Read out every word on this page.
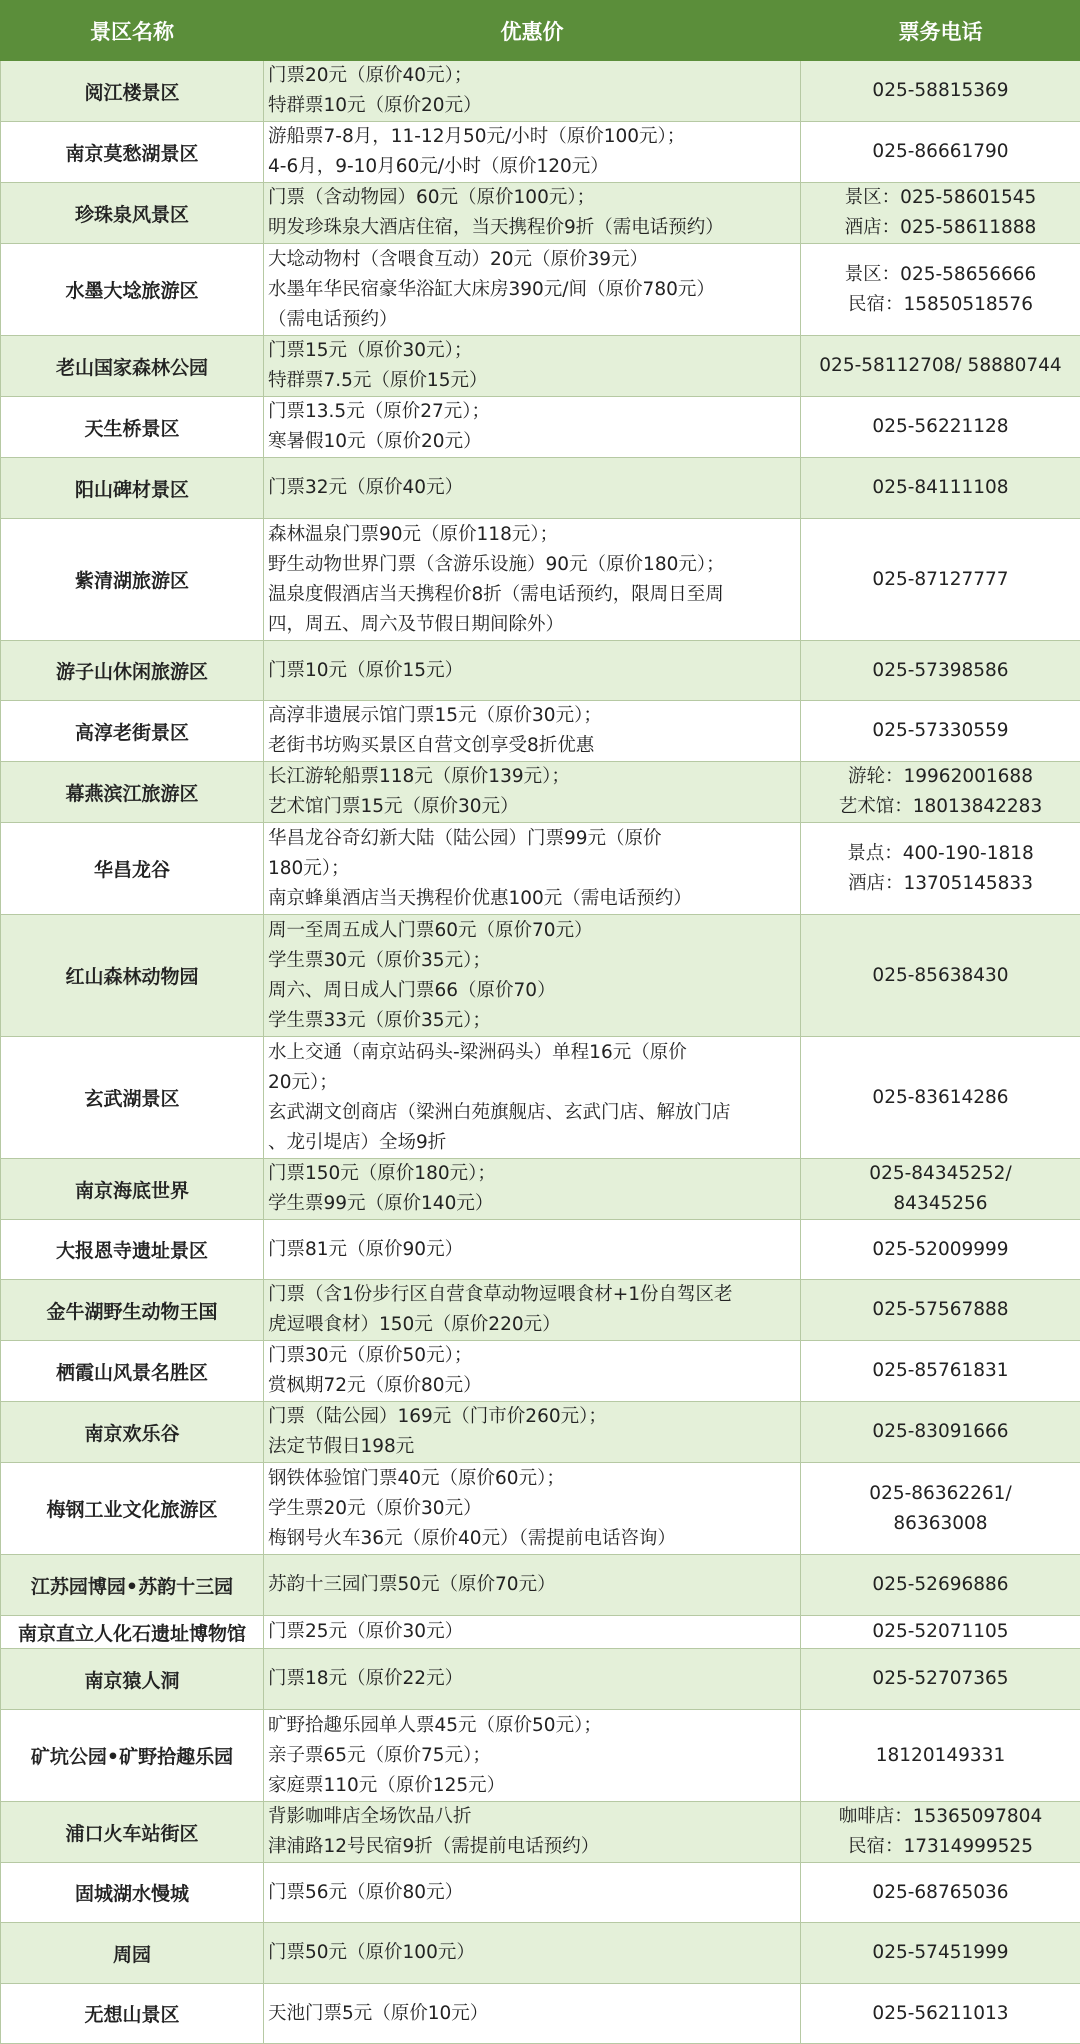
景区名称	优惠价	票务电话
阅江楼景区	门票20元（原价40元）；
特群票10元（原价20元）	025-58815369

南京莫愁湖景区	游船票7-8月，11-12月50元/小时（原价100元）；
4-6月，9-10月60元/小时（原价120元）	025-86661790

珍珠泉风景区	门票（含动物园）60元（原价100元）；
明发珍珠泉大酒店住宿，当天携程价9折（需电话预约）	景区：025-58601545
酒店：025-58611888

水墨大埝旅游区	大埝动物村（含喂食互动）20元（原价39元）
水墨年华民宿豪华浴缸大床房390元/间（原价780元）
（需电话预约）	景区：025-58656666
民宿：15850518576

老山国家森林公园	门票15元（原价30元）；
特群票7.5元（原价15元）	025-58112708/ 58880744

天生桥景区	门票13.5元（原价27元）；
寒暑假10元（原价20元）	025-56221128

阳山碑材景区	门票32元（原价40元）	025-84111108

紫清湖旅游区	森林温泉门票90元（原价118元）；
野生动物世界门票（含游乐设施）90元（原价180元）；
温泉度假酒店当天携程价8折（需电话预约，限周日至周
四，周五、周六及节假日期间除外）	025-87127777

游子山休闲旅游区	门票10元（原价15元）	025-57398586

高淳老街景区	高淳非遗展示馆门票15元（原价30元）；
老街书坊购买景区自营文创享受8折优惠	025-57330559

幕燕滨江旅游区	长江游轮船票118元（原价139元）；
艺术馆门票15元（原价30元）	游轮：19962001688
艺术馆：18013842283

华昌龙谷	华昌龙谷奇幻新大陆（陆公园）门票99元（原价
180元）；
南京蜂巢酒店当天携程价优惠100元（需电话预约）	景点：400-190-1818
酒店：13705145833

红山森林动物园	周一至周五成人门票60元（原价70元）
学生票30元（原价35元）；
周六、周日成人门票66（原价70）
学生票33元（原价35元）；	025-85638430

玄武湖景区	水上交通（南京站码头-梁洲码头）单程16元（原价
20元）；
玄武湖文创商店（梁洲白苑旗舰店、玄武门店、解放门店
、龙引堤店）全场9折	025-83614286

南京海底世界	门票150元（原价180元）；
学生票99元（原价140元）	025-84345252/
84345256

大报恩寺遗址景区	门票81元（原价90元）	025-52009999

金牛湖野生动物王国	门票（含1份步行区自营食草动物逗喂食材+1份自驾区老
虎逗喂食材）150元（原价220元）	025-57567888

栖霞山风景名胜区	门票30元（原价50元）；
赏枫期72元（原价80元）	025-85761831

南京欢乐谷	门票（陆公园）169元（门市价260元）；
法定节假日198元	025-83091666

梅钢工业文化旅游区	钢铁体验馆门票40元（原价60元）；
学生票20元（原价30元）
梅钢号火车36元（原价40元）（需提前电话咨询）	025-86362261/
86363008

江苏园博园•苏韵十三园	苏韵十三园门票50元（原价70元）	025-52696886

南京直立人化石遗址博物馆	门票25元（原价30元）	025-52071105

南京猿人洞	门票18元（原价22元）	025-52707365

矿坑公园•矿野拾趣乐园	旷野拾趣乐园单人票45元（原价50元）；
亲子票65元（原价75元）；
家庭票110元（原价125元）	18120149331

浦口火车站街区	背影咖啡店全场饮品八折
津浦路12号民宿9折（需提前电话预约）	咖啡店：15365097804
民宿：17314999525

固城湖水慢城	门票56元（原价80元）	025-68765036

周园	门票50元（原价100元）	025-57451999

无想山景区	天池门票5元（原价10元）	025-56211013
